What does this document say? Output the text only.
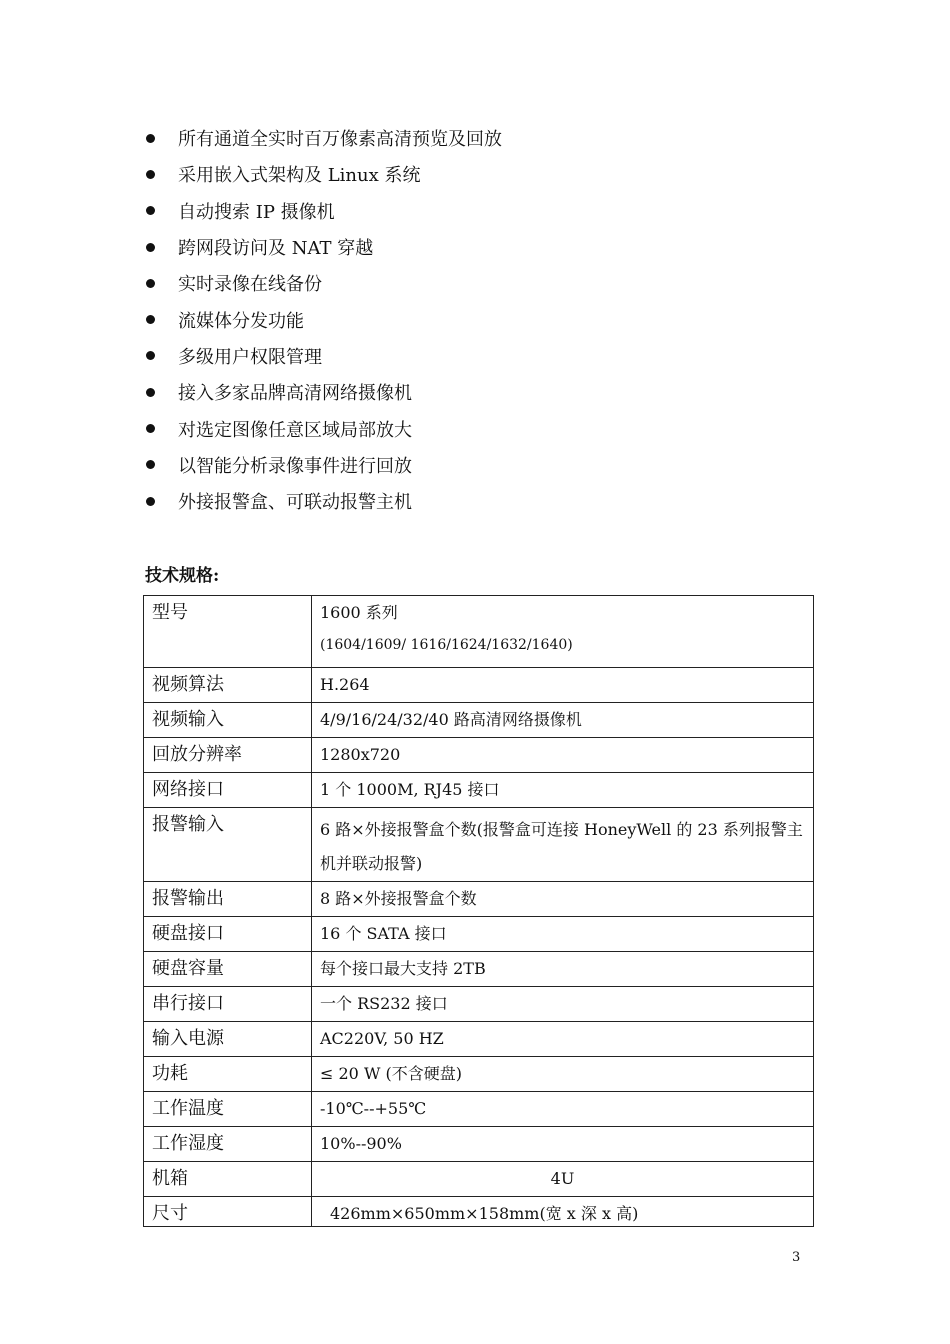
所有通道全实时百万像素高清预览及回放
采用嵌入式架构及 Linux 系统
自动搜索 IP 摄像机
跨网段访问及 NAT 穿越
实时录像在线备份
流媒体分发功能
多级用户权限管理
接入多家品牌高清网络摄像机
对选定图像任意区域局部放大
以智能分析录像事件进行回放
外接报警盒、可联动报警主机
技术规格:
型号	1600 系列
(1604/1609/ 1616/1624/1632/1640)

视频算法	H.264
视频输入	4/9/16/24/32/40 路高清网络摄像机
回放分辨率	1280x720
网络接口	1 个 1000M, RJ45 接口
报警输入	6 路×外接报警盒个数(报警盒可连接 HoneyWell 的 23 系列报警主机并联动报警)
报警输出	8 路×外接报警盒个数
硬盘接口	16 个 SATA 接口
硬盘容量	每个接口最大支持 2TB
串行接口	一个 RS232 接口
输入电源	AC220V, 50 HZ
功耗	≤ 20 W (不含硬盘)
工作温度	-10℃--+55℃
工作湿度	10%--90%
机箱	4U
尺寸	426mm×650mm×158mm(宽 x 深 x 高)
3
